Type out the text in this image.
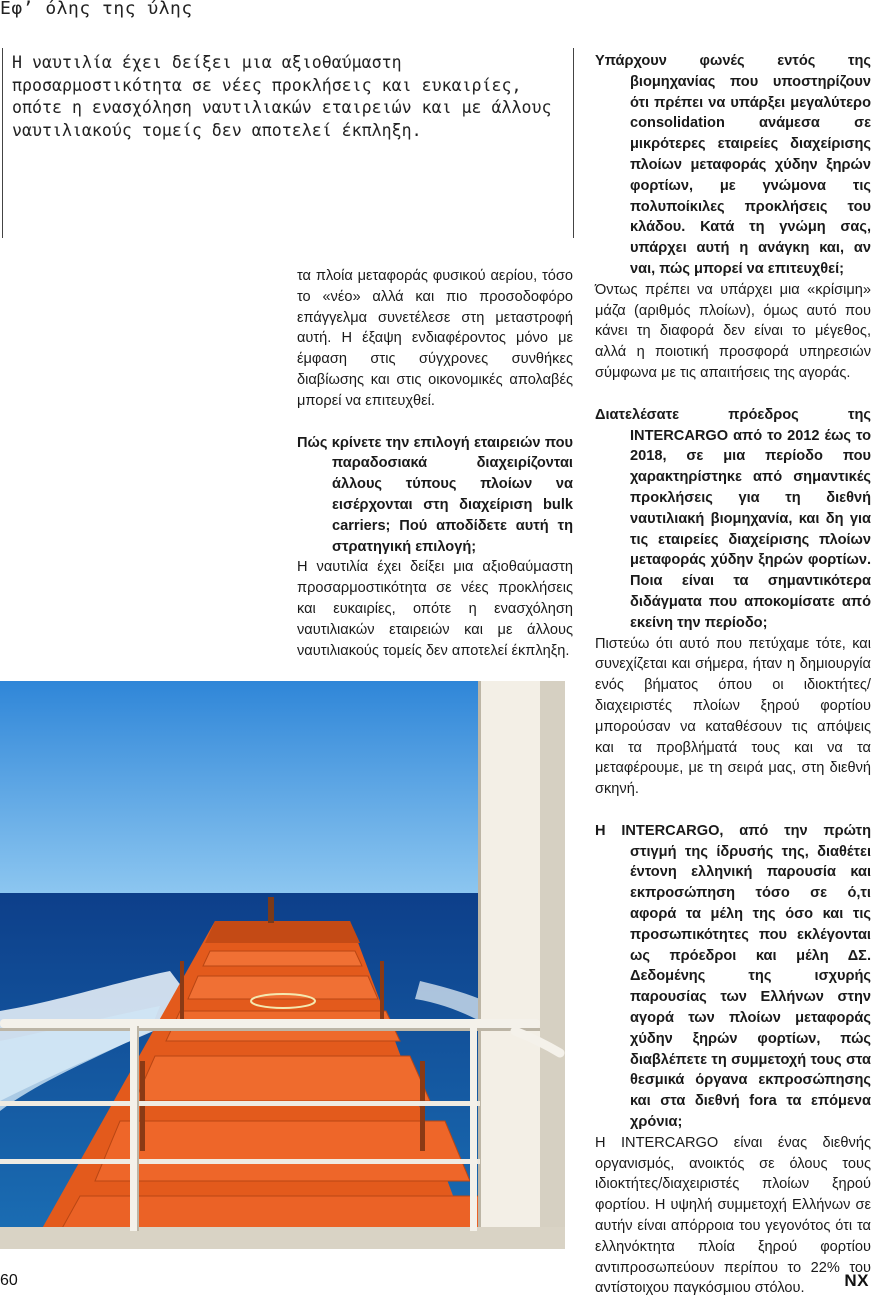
Εφ’ όλης της ύλης

Η ναυτιλία έχει δείξει μια αξιοθαύμαστη προσαρμοστικότητα σε νέες προκλήσεις και ευκαιρίες, οπότε η ενασχόληση ναυτιλιακών εταιρειών και με άλλους ναυτιλιακούς τομείς δεν αποτελεί έκπληξη.

τα πλοία μεταφοράς φυσικού αερίου, τόσο το «νέο» αλλά και πιο προσοδοφόρο επάγγελμα συνετέλεσε στη μεταστροφή αυτή. Η έξαψη ενδιαφέροντος μόνο με έμφαση στις σύγχρονες συνθήκες διαβίωσης και στις οικονομικές απολαβές μπορεί να επιτευχθεί.

Πώς κρίνετε την επιλογή εταιρειών που παραδοσιακά διαχειρίζονται άλλους τύπους πλοίων να εισέρχονται στη διαχείριση bulk carriers; Πού αποδίδετε αυτή τη στρατηγική επιλογή;

Η ναυτιλία έχει δείξει μια αξιοθαύμαστη προσαρμοστικότητα σε νέες προκλήσεις και ευκαιρίες, οπότε η ενασχόληση ναυτιλιακών εταιρειών και με άλλους ναυτιλιακούς τομείς δεν αποτελεί έκπληξη.

Υπάρχουν φωνές εντός της βιομηχανίας που υποστηρίζουν ότι πρέπει να υπάρξει μεγαλύτερο consolidation ανάμεσα σε μικρότερες εταιρείες διαχείρισης πλοίων μεταφοράς χύδην ξηρών φορτίων, με γνώμονα τις πολυποίκιλες προκλήσεις του κλάδου. Κατά τη γνώμη σας, υπάρχει αυτή η ανάγκη και, αν ναι, πώς μπορεί να επιτευχθεί;

Όντως πρέπει να υπάρχει μια «κρίσιμη» μάζα (αριθμός πλοίων), όμως αυτό που κάνει τη διαφορά δεν είναι το μέγεθος, αλλά η ποιοτική προσφορά υπηρεσιών σύμφωνα με τις απαιτήσεις της αγοράς.

Διατελέσατε πρόεδρος της INTERCARGO από το 2012 έως το 2018, σε μια περίοδο που χαρακτηρίστηκε από σημαντικές προκλήσεις για τη διεθνή ναυτιλιακή βιομηχανία, και δη για τις εταιρείες διαχείρισης πλοίων μεταφοράς χύδην ξηρών φορτίων. Ποια είναι τα σημαντικότερα διδάγματα που αποκομίσατε από εκείνη την περίοδο;

Πιστεύω ότι αυτό που πετύχαμε τότε, και συνεχίζεται και σήμερα, ήταν η δημιουργία ενός βήματος όπου οι ιδιοκτήτες/διαχειριστές πλοίων ξηρού φορτίου μπορούσαν να καταθέσουν τις απόψεις και τα προβλήματά τους και να τα μεταφέρουμε, με τη σειρά μας, στη διεθνή σκηνή.

Η INTERCARGO, από την πρώτη στιγμή της ίδρυσής της, διαθέτει έντονη ελληνική παρουσία και εκπροσώπηση τόσο σε ό,τι αφορά τα μέλη της όσο και τις προσωπικότητες που εκλέγονται ως πρόεδροι και μέλη ΔΣ. Δεδομένης της ισχυρής παρουσίας των Ελλήνων στην αγορά των πλοίων μεταφοράς χύδην ξηρών φορτίων, πώς διαβλέπετε τη συμμετοχή τους στα θεσμικά όργανα εκπροσώπησης και στα διεθνή fora τα επόμενα χρόνια;

Η INTERCARGO είναι ένας διεθνής οργανισμός, ανοικτός σε όλους τους ιδιοκτήτες/διαχειριστές πλοίων ξηρού φορτίου. Η υψηλή συμμετοχή Ελλήνων σε αυτήν είναι απόρροια του γεγονότος ότι τα ελληνόκτητα πλοία ξηρού φορτίου αντιπροσωπεύουν περίπου το 22% του αντίστοιχου παγκόσμιου στόλου.

60	NX
